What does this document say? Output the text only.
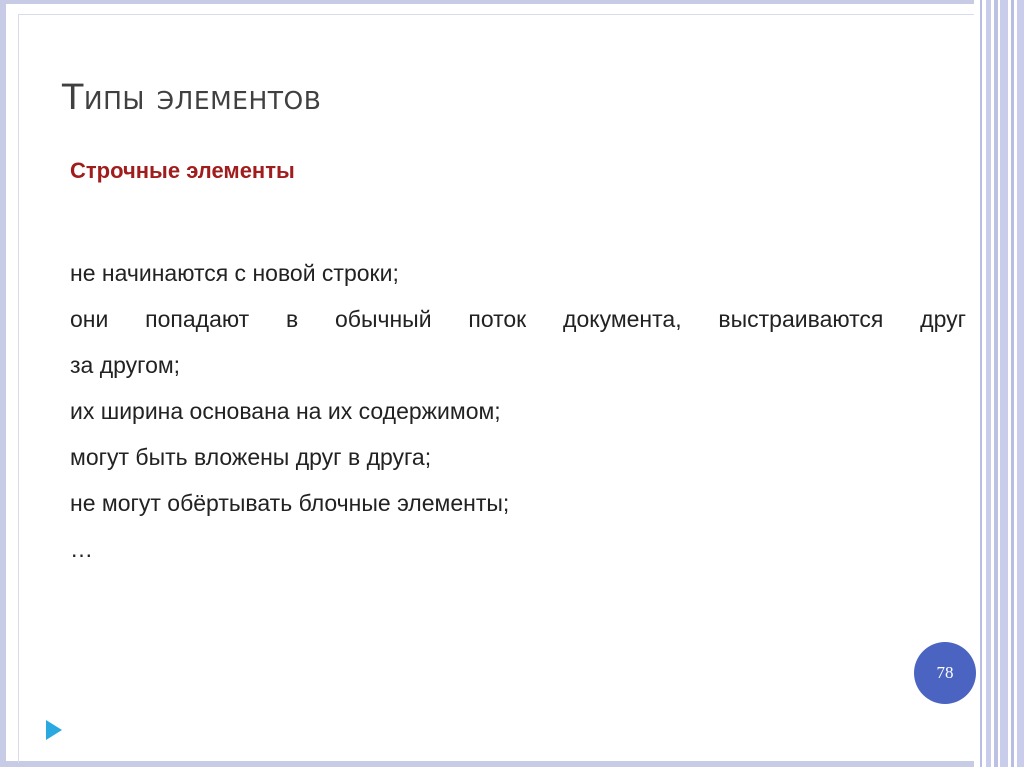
Типы элементов
Строчные элементы
не начинаются с новой строки;
они попадают в обычный поток документа, выстраиваются друг
за другом;
их ширина основана на их содержимом;
могут быть вложены друг в друга;
не могут обёртывать блочные элементы;
…
78
